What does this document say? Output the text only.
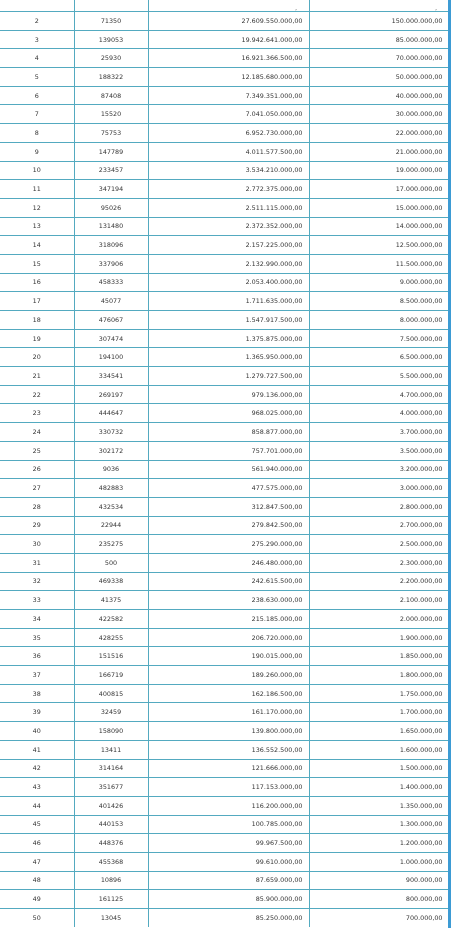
,	,
2	71350	27.609.550.000,00	150.000.000,00
3	139053	19.942.641.000,00	85.000.000,00
4	25930	16.921.366.500,00	70.000.000,00
5	188322	12.185.680.000,00	50.000.000,00
6	87408	7.349.351.000,00	40.000.000,00
7	15520	7.041.050.000,00	30.000.000,00
8	75753	6.952.730.000,00	22.000.000,00
9	147789	4.011.577.500,00	21.000.000,00
10	233457	3.534.210.000,00	19.000.000,00
11	347194	2.772.375.000,00	17.000.000,00
12	95026	2.511.115.000,00	15.000.000,00
13	131480	2.372.352.000,00	14.000.000,00
14	318096	2.157.225.000,00	12.500.000,00
15	337906	2.132.990.000,00	11.500.000,00
16	458333	2.053.400.000,00	9.000.000,00
17	45077	1.711.635.000,00	8.500.000,00
18	476067	1.547.917.500,00	8.000.000,00
19	307474	1.375.875.000,00	7.500.000,00
20	194100	1.365.950.000,00	6.500.000,00
21	334541	1.279.727.500,00	5.500.000,00
22	269197	979.136.000,00	4.700.000,00
23	444647	968.025.000,00	4.000.000,00
24	330732	858.877.000,00	3.700.000,00
25	302172	757.701.000,00	3.500.000,00
26	9036	561.940.000,00	3.200.000,00
27	482883	477.575.000,00	3.000.000,00
28	432534	312.847.500,00	2.800.000,00
29	22944	279.842.500,00	2.700.000,00
30	235275	275.290.000,00	2.500.000,00
31	500	246.480.000,00	2.300.000,00
32	469338	242.615.500,00	2.200.000,00
33	41375	238.630.000,00	2.100.000,00
34	422582	215.185.000,00	2.000.000,00
35	428255	206.720.000,00	1.900.000,00
36	151516	190.015.000,00	1.850.000,00
37	166719	189.260.000,00	1.800.000,00
38	400815	162.186.500,00	1.750.000,00
39	32459	161.170.000,00	1.700.000,00
40	158090	139.800.000,00	1.650.000,00
41	13411	136.552.500,00	1.600.000,00
42	314164	121.666.000,00	1.500.000,00
43	351677	117.153.000,00	1.400.000,00
44	401426	116.200.000,00	1.350.000,00
45	440153	100.785.000,00	1.300.000,00
46	448376	99.967.500,00	1.200.000,00
47	455368	99.610.000,00	1.000.000,00
48	10896	87.659.000,00	900.000,00
49	161125	85.900.000,00	800.000,00
50	13045	85.250.000,00	700.000,00
